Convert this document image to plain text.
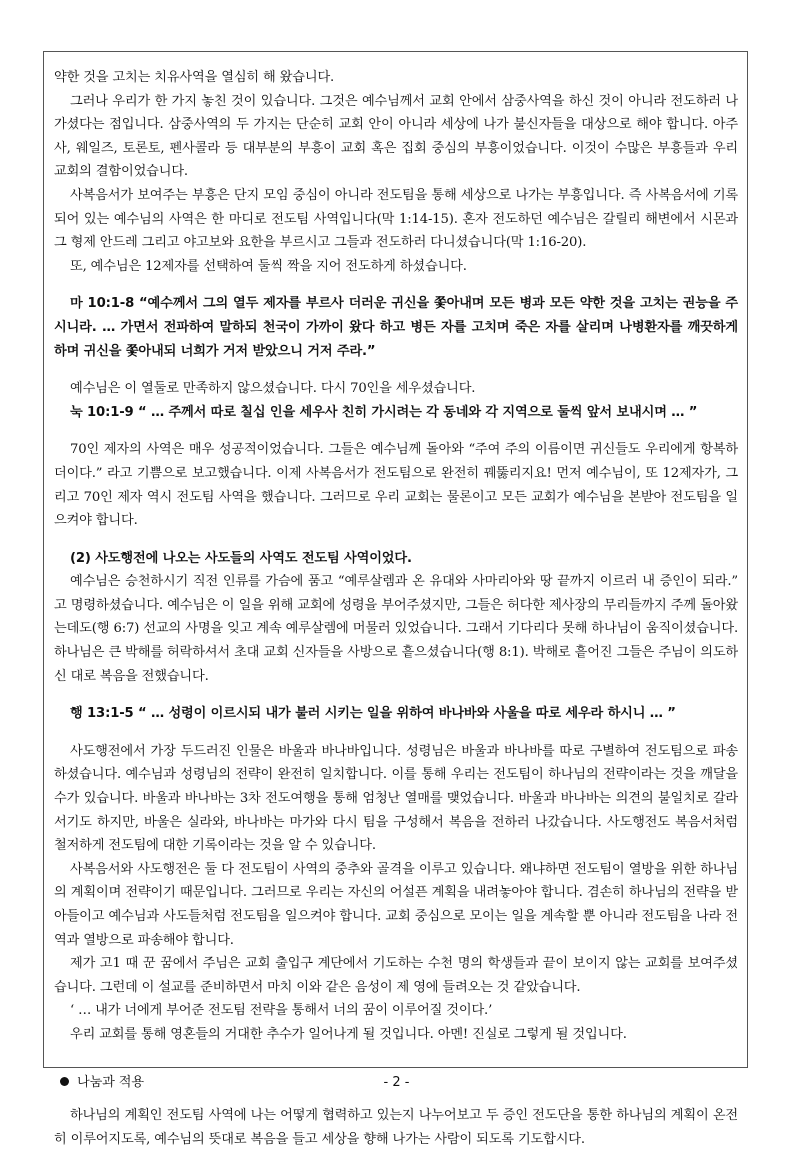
약한 것을 고치는 치유사역을 열심히 해 왔습니다.

그러나 우리가 한 가지 놓친 것이 있습니다. 그것은 예수님께서 교회 안에서 삼중사역을 하신 것이 아니라 전도하러 나가셨다는 점입니다. 삼중사역의 두 가지는 단순히 교회 안이 아니라 세상에 나가 불신자들을 대상으로 해야 합니다. 아주사, 웨일즈, 토론토, 펜사콜라 등 대부분의 부흥이 교회 혹은 집회 중심의 부흥이었습니다. 이것이 수많은 부흥들과 우리 교회의 결함이었습니다.

사복음서가 보여주는 부흥은 단지 모임 중심이 아니라 전도팀을 통해 세상으로 나가는 부흥입니다. 즉 사복음서에 기록되어 있는 예수님의 사역은 한 마디로 전도팀 사역입니다(막 1:14-15). 혼자 전도하던 예수님은 갈릴리 해변에서 시몬과 그 형제 안드레 그리고 야고보와 요한을 부르시고 그들과 전도하러 다니셨습니다(막 1:16-20).

또, 예수님은 12제자를 선택하여 둘씩 짝을 지어 전도하게 하셨습니다.

마 10:1-8 “예수께서 그의 열두 제자를 부르사 더러운 귀신을 쫓아내며 모든 병과 모든 약한 것을 고치는 권능을 주시니라. … 가면서 전파하여 말하되 천국이 가까이 왔다 하고 병든 자를 고치며 죽은 자를 살리며 나병환자를 깨끗하게 하며 귀신을 쫓아내되 너희가 거저 받았으니 거저 주라.”

예수님은 이 열둘로 만족하지 않으셨습니다. 다시 70인을 세우셨습니다.

눅 10:1-9 “ … 주께서 따로 칠십 인을 세우사 친히 가시려는 각 동네와 각 지역으로 둘씩 앞서 보내시며 … ”

70인 제자의 사역은 매우 성공적이었습니다. 그들은 예수님께 돌아와 “주여 주의 이름이면 귀신들도 우리에게 항복하더이다.” 라고 기쁨으로 보고했습니다. 이제 사복음서가 전도팀으로 완전히 꿰뚫리지요! 먼저 예수님이, 또 12제자가, 그리고 70인 제자 역시 전도팀 사역을 했습니다. 그러므로 우리 교회는 물론이고 모든 교회가 예수님을 본받아 전도팀을 일으켜야 합니다.

(2) 사도행전에 나오는 사도들의 사역도 전도팀 사역이었다.

예수님은 승천하시기 직전 인류를 가슴에 품고 “예루살렘과 온 유대와 사마리아와 땅 끝까지 이르러 내 증인이 되라.” 고 명령하셨습니다. 예수님은 이 일을 위해 교회에 성령을 부어주셨지만, 그들은 허다한 제사장의 무리들까지 주께 돌아왔는데도(행 6:7) 선교의 사명을 잊고 계속 예루살렘에 머물러 있었습니다. 그래서 기다리다 못해 하나님이 움직이셨습니다. 하나님은 큰 박해를 허락하셔서 초대 교회 신자들을 사방으로 흩으셨습니다(행 8:1). 박해로 흩어진 그들은 주님이 의도하신 대로 복음을 전했습니다.

행 13:1-5 “ … 성령이 이르시되 내가 불러 시키는 일을 위하여 바나바와 사울을 따로 세우라 하시니 … ”

사도행전에서 가장 두드러진 인물은 바울과 바나바입니다. 성령님은 바울과 바나바를 따로 구별하여 전도팀으로 파송하셨습니다. 예수님과 성령님의 전략이 완전히 일치합니다. 이를 통해 우리는 전도팀이 하나님의 전략이라는 것을 깨달을 수가 있습니다. 바울과 바나바는 3차 전도여행을 통해 엄청난 열매를 맺었습니다. 바울과 바나바는 의견의 불일치로 갈라서기도 하지만, 바울은 실라와, 바나바는 마가와 다시 팀을 구성해서 복음을 전하러 나갔습니다. 사도행전도 복음서처럼 철저하게 전도팀에 대한 기록이라는 것을 알 수 있습니다.

사복음서와 사도행전은 둘 다 전도팀이 사역의 중추와 골격을 이루고 있습니다. 왜냐하면 전도팀이 열방을 위한 하나님의 계획이며 전략이기 때문입니다. 그러므로 우리는 자신의 어설픈 계획을 내려놓아야 합니다. 겸손히 하나님의 전략을 받아들이고 예수님과 사도들처럼 전도팀을 일으켜야 합니다. 교회 중심으로 모이는 일을 계속할 뿐 아니라 전도팀을 나라 전역과 열방으로 파송해야 합니다.

제가 고1 때 꾼 꿈에서 주님은 교회 출입구 계단에서 기도하는 수천 명의 학생들과 끝이 보이지 않는 교회를 보여주셨습니다. 그런데 이 설교를 준비하면서 마치 이와 같은 음성이 제 영에 들려오는 것 같았습니다.

‘ … 내가 너에게 부어준 전도팀 전략을 통해서 너의 꿈이 이루어질 것이다.’

우리 교회를 통해 영혼들의 거대한 추수가 일어나게 될 것입니다. 아멘! 진실로 그렇게 될 것입니다.

나눔과 적용

하나님의 계획인 전도팀 사역에 나는 어떻게 협력하고 있는지 나누어보고 두 증인 전도단을 통한 하나님의 계획이 온전히 이루어지도록, 예수님의 뜻대로 복음을 들고 세상을 향해 나가는 사람이 되도록 기도합시다.

- 2 -
